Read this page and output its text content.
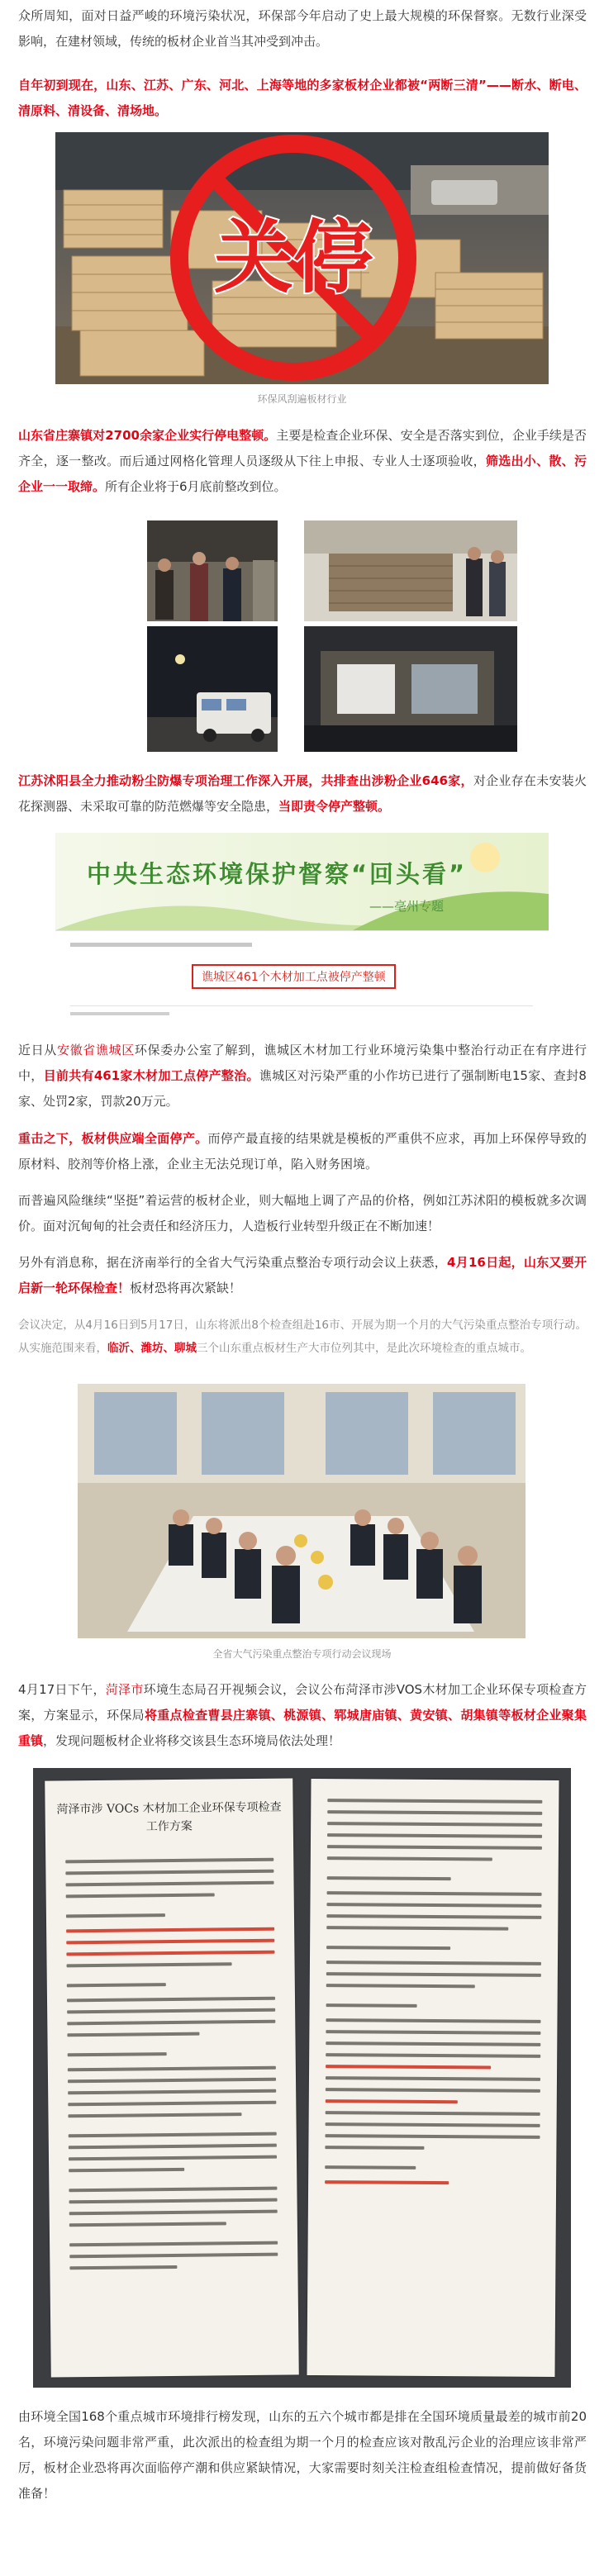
众所周知，面对日益严峻的环境污染状况，环保部今年启动了史上最大规模的环保督察。无数行业深受影响，在建材领域，传统的板材企业首当其冲受到冲击。

自年初到现在，山东、江苏、广东、河北、上海等地的多家板材企业都被“两断三清”——断水、断电、清原料、清设备、清场地。

关停
环保风刮遍板材行业

山东省庄寨镇对2700余家企业实行停电整顿。主要是检查企业环保、安全是否落实到位，企业手续是否齐全，逐一整改。而后通过网格化管理人员逐级从下往上申报、专业人士逐项验收，筛选出小、散、污企业一一取缔。所有企业将于6月底前整改到位。

江苏沭阳县全力推动粉尘防爆专项治理工作深入开展，共排查出涉粉企业646家，对企业存在未安装火花探测器、未采取可靠的防范燃爆等安全隐患，当即责令停产整顿。

中央生态环境保护督察“回头看”
——亳州专题
谯城区461个木材加工点被停产整顿

近日从安徽省谯城区环保委办公室了解到，谯城区木材加工行业环境污染集中整治行动正在有序进行中，目前共有461家木材加工点停产整治。谯城区对污染严重的小作坊已进行了强制断电15家、查封8家、处罚2家，罚款20万元。

重击之下，板材供应端全面停产。而停产最直接的结果就是模板的严重供不应求，再加上环保停导致的原材料、胶剂等价格上涨，企业主无法兑现订单，陷入财务困境。

而普遍风险继续“坚挺”着运营的板材企业，则大幅地上调了产品的价格，例如江苏沭阳的模板就多次调价。面对沉甸甸的社会责任和经济压力，人造板行业转型升级正在不断加速！

另外有消息称，据在济南举行的全省大气污染重点整治专项行动会议上获悉，4月16日起，山东又要开启新一轮环保检查！板材恐将再次紧缺！

会议决定，从4月16日到5月17日，山东将派出8个检查组赴16市、开展为期一个月的大气污染重点整治专项行动。从实施范围来看，临沂、潍坊、聊城三个山东重点板材生产大市位列其中，是此次环境检查的重点城市。

全省大气污染重点整治专项行动会议现场

4月17日下午，菏泽市环境生态局召开视频会议，会议公布菏泽市涉VOS木材加工企业环保专项检查方案，方案显示，环保局将重点检查曹县庄寨镇、桃源镇、郓城唐庙镇、黄安镇、胡集镇等板材企业聚集重镇，发现问题板材企业将移交该县生态环境局依法处理！

菏泽市涉 VOCs 木材加工企业环保专项检查
工作方案

由环境全国168个重点城市环境排行榜发现，山东的五六个城市都是排在全国环境质量最差的城市前20名，环境污染问题非常严重，此次派出的检查组为期一个月的检查应该对散乱污企业的治理应该非常严厉，板材企业恐将再次面临停产潮和供应紧缺情况，大家需要时刻关注检查组检查情况，提前做好备货准备！
